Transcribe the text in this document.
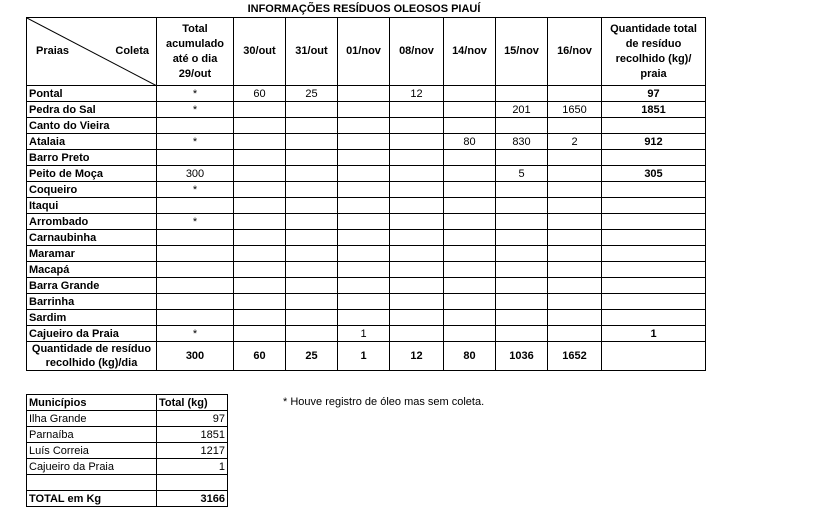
INFORMAÇÕES RESÍDUOS OLEOSOS PIAUÍ
Praias Coleta	Total acumulado até o dia 29/out	30/out	31/out	01/nov	08/nov	14/nov	15/nov	16/nov	Quantidade total de resíduo recolhido (kg)/ praia
Pontal	*	60	25		12				97
Pedra do Sal	*						201	1650	1851
Canto do Vieira									
Atalaia	*					80	830	2	912
Barro Preto									
Peito de Moça	300						5		305
Coqueiro	*								
Itaqui									
Arrombado	*								
Carnaubinha									
Maramar									
Macapá									
Barra Grande									
Barrinha									
Sardim									
Cajueiro da Praia	*			1					1
Quantidade de resíduo recolhido (kg)/dia	300	60	25	1	12	80	1036	1652	
* Houve registro de óleo mas sem coleta.
Municípios	Total (kg)
Ilha Grande	97
Parnaíba	1851
Luís Correia	1217
Cajueiro da Praia	1

TOTAL em Kg	3166
